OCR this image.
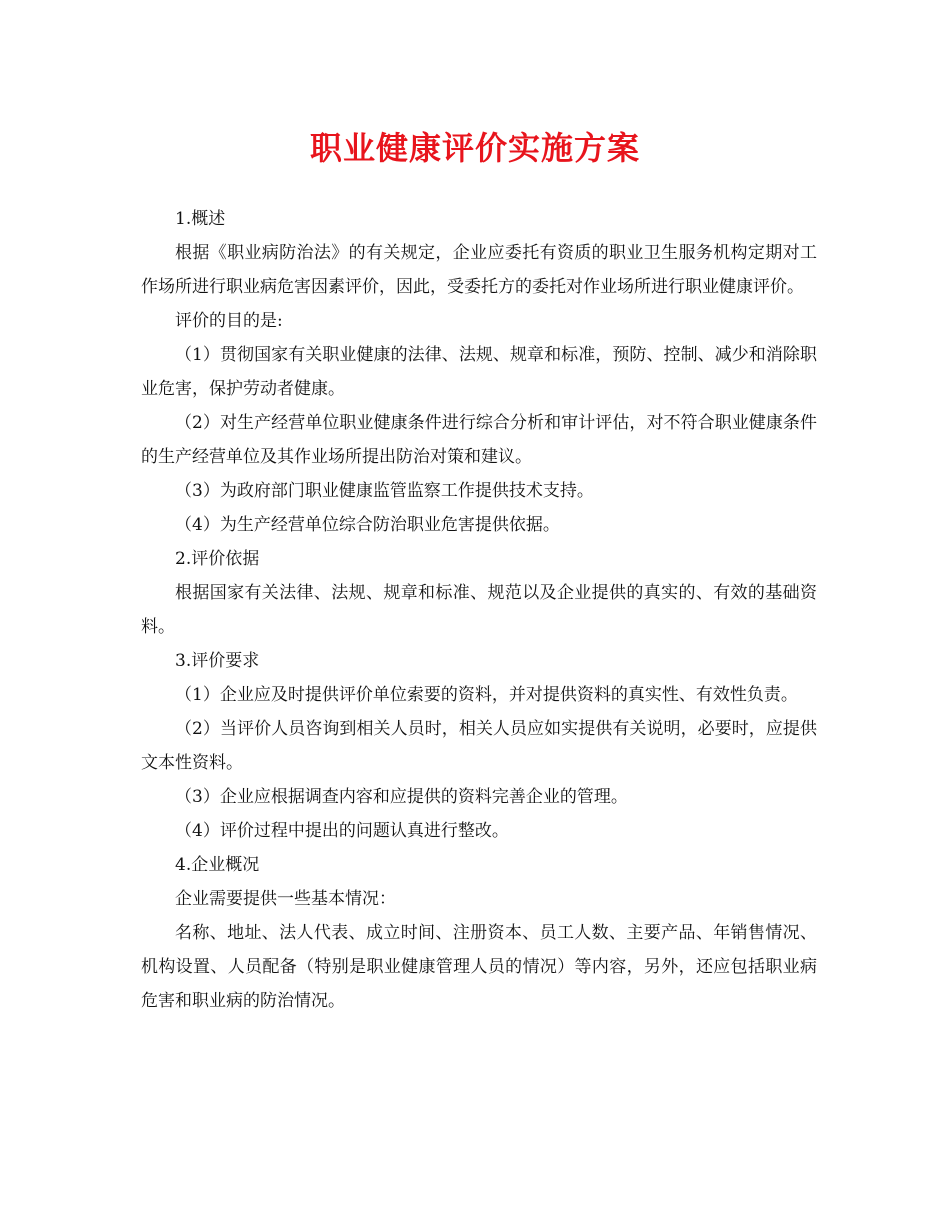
职业健康评价实施方案

1.概述

根据《职业病防治法》的有关规定，企业应委托有资质的职业卫生服务机构定期对工作场所进行职业病危害因素评价，因此，受委托方的委托对作业场所进行职业健康评价。

评价的目的是:

（1）贯彻国家有关职业健康的法律、法规、规章和标准，预防、控制、减少和消除职业危害，保护劳动者健康。

（2）对生产经营单位职业健康条件进行综合分析和审计评估，对不符合职业健康条件的生产经营单位及其作业场所提出防治对策和建议。

（3）为政府部门职业健康监管监察工作提供技术支持。

（4）为生产经营单位综合防治职业危害提供依据。

2.评价依据

根据国家有关法律、法规、规章和标准、规范以及企业提供的真实的、有效的基础资料。

3.评价要求

（1）企业应及时提供评价单位索要的资料，并对提供资料的真实性、有效性负责。

（2）当评价人员咨询到相关人员时，相关人员应如实提供有关说明，必要时，应提供文本性资料。

（3）企业应根据调查内容和应提供的资料完善企业的管理。

（4）评价过程中提出的问题认真进行整改。

4.企业概况

企业需要提供一些基本情况：

名称、地址、法人代表、成立时间、注册资本、员工人数、主要产品、年销售情况、机构设置、人员配备（特别是职业健康管理人员的情况）等内容，另外，还应包括职业病危害和职业病的防治情况。
